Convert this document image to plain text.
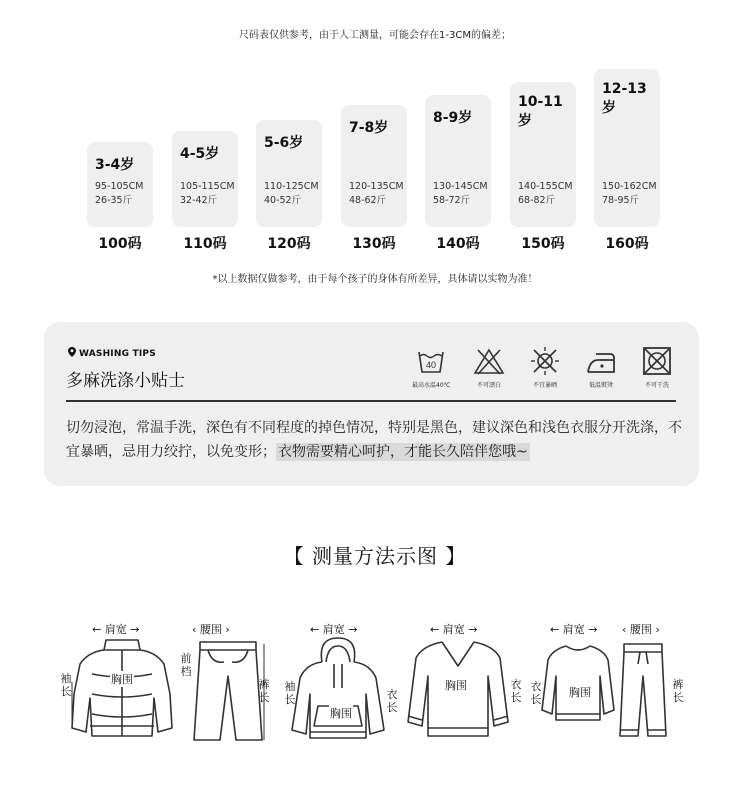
尺码表仅供参考，由于人工测量，可能会存在1-3CM的偏差；
3-4岁
95-105CM
26-35斤
100码
4-5岁
105-115CM
32-42斤
110码
5-6岁
110-125CM
40-52斤
120码
7-8岁
120-135CM
48-62斤
130码
8-9岁
130-145CM
58-72斤
140码
10-11岁
140-155CM
68-82斤
150码
12-13岁
150-162CM
78-95斤
160码
*以上数据仅做参考，由于每个孩子的身体有所差异，具体请以实物为准！
WASHING TIPS
多麻洗涤小贴士
40
最高水温40℃	不可漂白	不宜暴晒	低温熨烫	不可干洗
切勿浸泡，常温手洗，深色有不同程度的掉色情况，特别是黑色，建议深色和浅色衣服分开洗涤，不宜暴晒，忌用力绞拧，以免变形； 衣物需要精心呵护，才能长久陪伴您哦~
【 测量方法示图 】
← 肩宽 →
袖长
胸围
‹ 腰围 ›
前档
裤长
← 肩宽 →
袖长	衣长
胸围
← 肩宽 →
衣长
胸围
← 肩宽 → ‹ 腰围 ›
衣长
裤长
胸围
